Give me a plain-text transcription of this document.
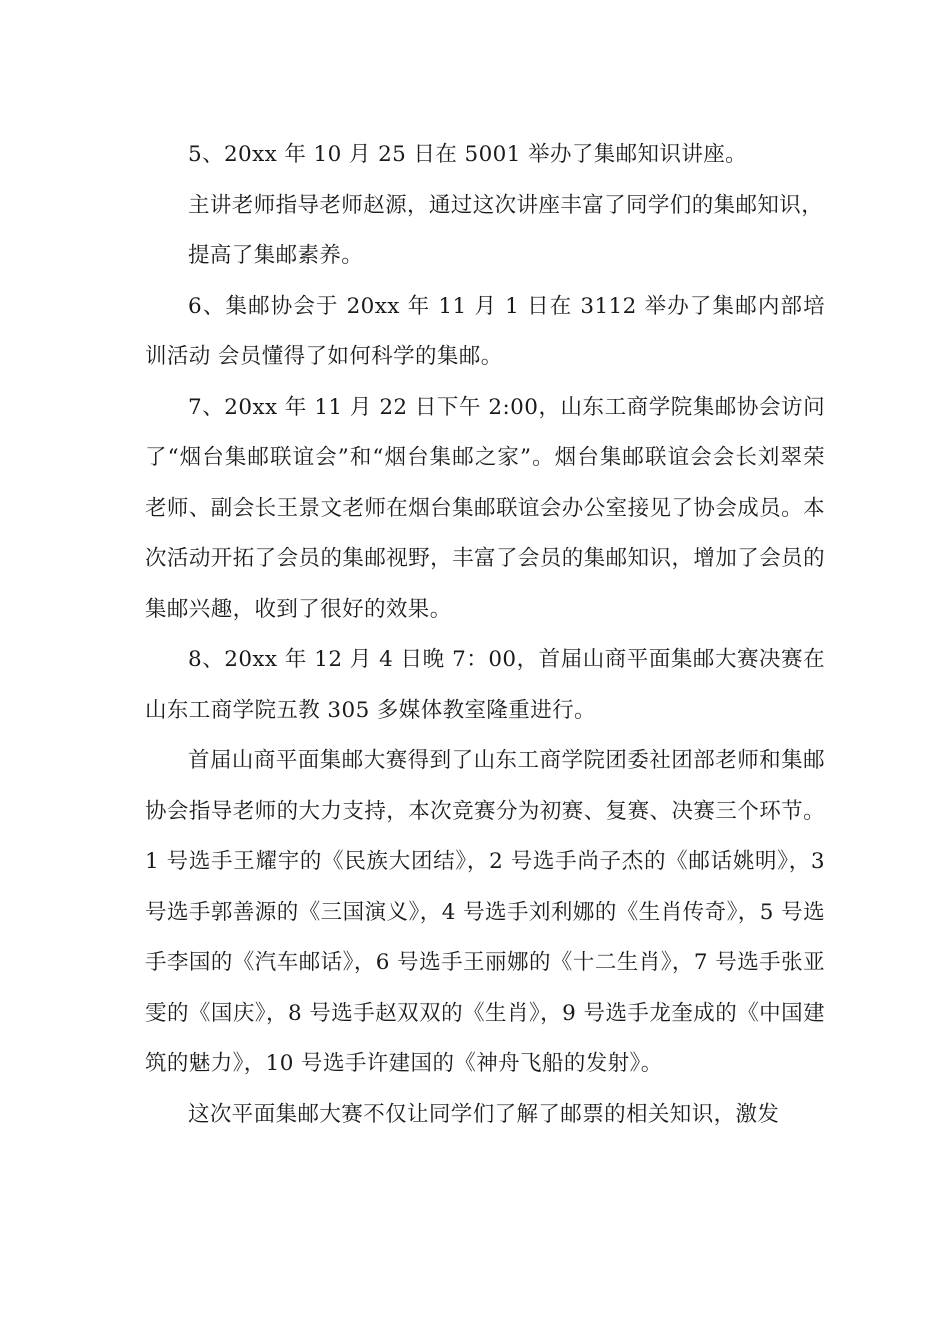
5、20xx 年 10 月 25 日在 5001 举办了集邮知识讲座。

主讲老师指导老师赵源，通过这次讲座丰富了同学们的集邮知识，

提高了集邮素养。

6、集邮协会于 20xx 年 11 月 1 日在 3112 举办了集邮内部培训活动 会员懂得了如何科学的集邮。

7、20xx 年 11 月 22 日下午 2:00，山东工商学院集邮协会访问了“烟台集邮联谊会”和“烟台集邮之家”。烟台集邮联谊会会长刘翠荣老师、副会长王景文老师在烟台集邮联谊会办公室接见了协会成员。本次活动开拓了会员的集邮视野，丰富了会员的集邮知识，增加了会员的集邮兴趣，收到了很好的效果。

8、20xx 年 12 月 4 日晚 7：00，首届山商平面集邮大赛决赛在山东工商学院五教 305 多媒体教室隆重进行。

首届山商平面集邮大赛得到了山东工商学院团委社团部老师和集邮协会指导老师的大力支持，本次竞赛分为初赛、复赛、决赛三个环节。1 号选手王耀宇的《民族大团结》，2 号选手尚子杰的《邮话姚明》，3 号选手郭善源的《三国演义》，4 号选手刘利娜的《生肖传奇》，5 号选手李国的《汽车邮话》，6 号选手王丽娜的《十二生肖》，7 号选手张亚雯的《国庆》，8 号选手赵双双的《生肖》，9 号选手龙奎成的《中国建筑的魅力》，10 号选手许建国的《神舟飞船的发射》。

这次平面集邮大赛不仅让同学们了解了邮票的相关知识，激发
